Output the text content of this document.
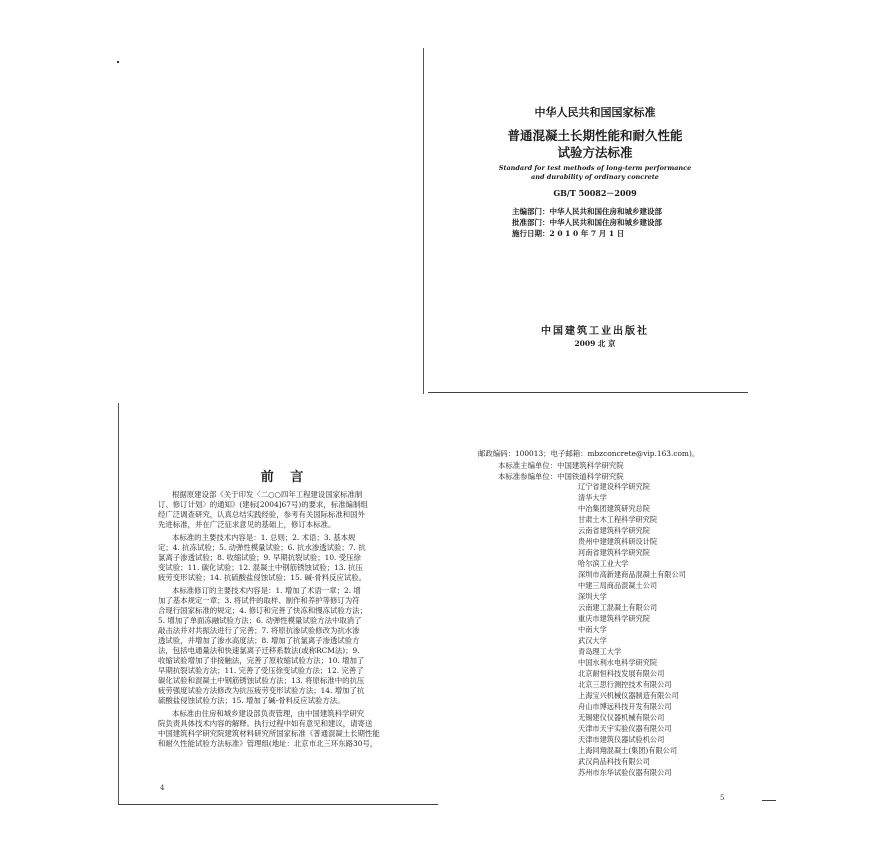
中华人民共和国国家标准
普通混凝土长期性能和耐久性能
试验方法标准
Standard for test methods of long-term performance
and durability of ordinary concrete
GB/T 50082－2009
主编部门：中华人民共和国住房和城乡建设部
批准部门：中华人民共和国住房和城乡建设部
施行日期：2 0 1 0 年 7 月 1 日
中国建筑工业出版社
2009 北 京
前 言
根据原建设部《关于印发〈二○○四年工程建设国家标准制
订、修订计划〉的通知》(建标[2004]67号)的要求，标准编制组
经广泛调查研究，认真总结实践经验，参考有关国际标准和国外
先进标准，并在广泛征求意见的基础上，修订本标准。
本标准的主要技术内容是：1. 总则；2. 术语；3. 基本规
定；4. 抗冻试验；5. 动弹性模量试验；6. 抗水渗透试验；7. 抗
氯离子渗透试验；8. 收缩试验；9. 早期抗裂试验；10. 受压徐
变试验；11. 碳化试验；12. 混凝土中钢筋锈蚀试验；13. 抗压
疲劳变形试验；14. 抗硫酸盐侵蚀试验；15. 碱-骨料反应试验。
本标准修订的主要技术内容是：1. 增加了术语一章；2. 增
加了基本规定一章；3. 将试件的取样、制作和养护等修订为符
合现行国家标准的规定；4. 修订和完善了快冻和慢冻试验方法；
5. 增加了单面冻融试验方法；6. 动弹性模量试验方法中取消了
敲击法并对共振法进行了完善；7. 将原抗渗试验修改为抗水渗
透试验，并增加了渗水高度法；8. 增加了抗氯离子渗透试验方
法，包括电通量法和快速氯离子迁移系数法(或称RCM法)；9.
收缩试验增加了非接触法，完善了原收缩试验方法；10. 增加了
早期抗裂试验方法；11. 完善了受压徐变试验方法；12. 完善了
碳化试验和混凝土中钢筋锈蚀试验方法；13. 将原标准中的抗压
疲劳强度试验方法修改为抗压疲劳变形试验方法；14. 增加了抗
硫酸盐侵蚀试验方法；15. 增加了碱-骨料反应试验方法。
本标准由住房和城乡建设部负责管理，由中国建筑科学研究
院负责具体技术内容的解释。执行过程中如有意见和建议，请寄送
中国建筑科学研究院建筑材料研究所国家标准《普通混凝土长期性能
和耐久性能试验方法标准》管理组(地址：北京市北三环东路30号，
4
邮政编码：100013；电子邮箱：mbzconcrete@vip.163.com)。
本标准主编单位：中国建筑科学研究院
本标准参编单位：中国铁道科学研究院
辽宁省建设科学研究院
清华大学
中冶集团建筑研究总院
甘肃土木工程科学研究院
云南省建筑科学研究院
贵州中建建筑科研设计院
河南省建筑科学研究院
哈尔滨工业大学
深圳市高新建商品混凝土有限公司
中建三局商品混凝土公司
深圳大学
云南建工混凝土有限公司
重庆市建筑科学研究院
中南大学
武汉大学
青岛理工大学
中国水利水电科学研究院
北京耐恒科技发展有限公司
北京三思行测控技术有限公司
上海宝兴机械仪器制造有限公司
舟山市博远科技开发有限公司
无锡建仪仪器机械有限公司
天津市天宇实验仪器有限公司
天津市建筑仪器试验机公司
上海同翔混凝土(集团)有限公司
武汉尚品科技有限公司
苏州市东华试验仪器有限公司
5
